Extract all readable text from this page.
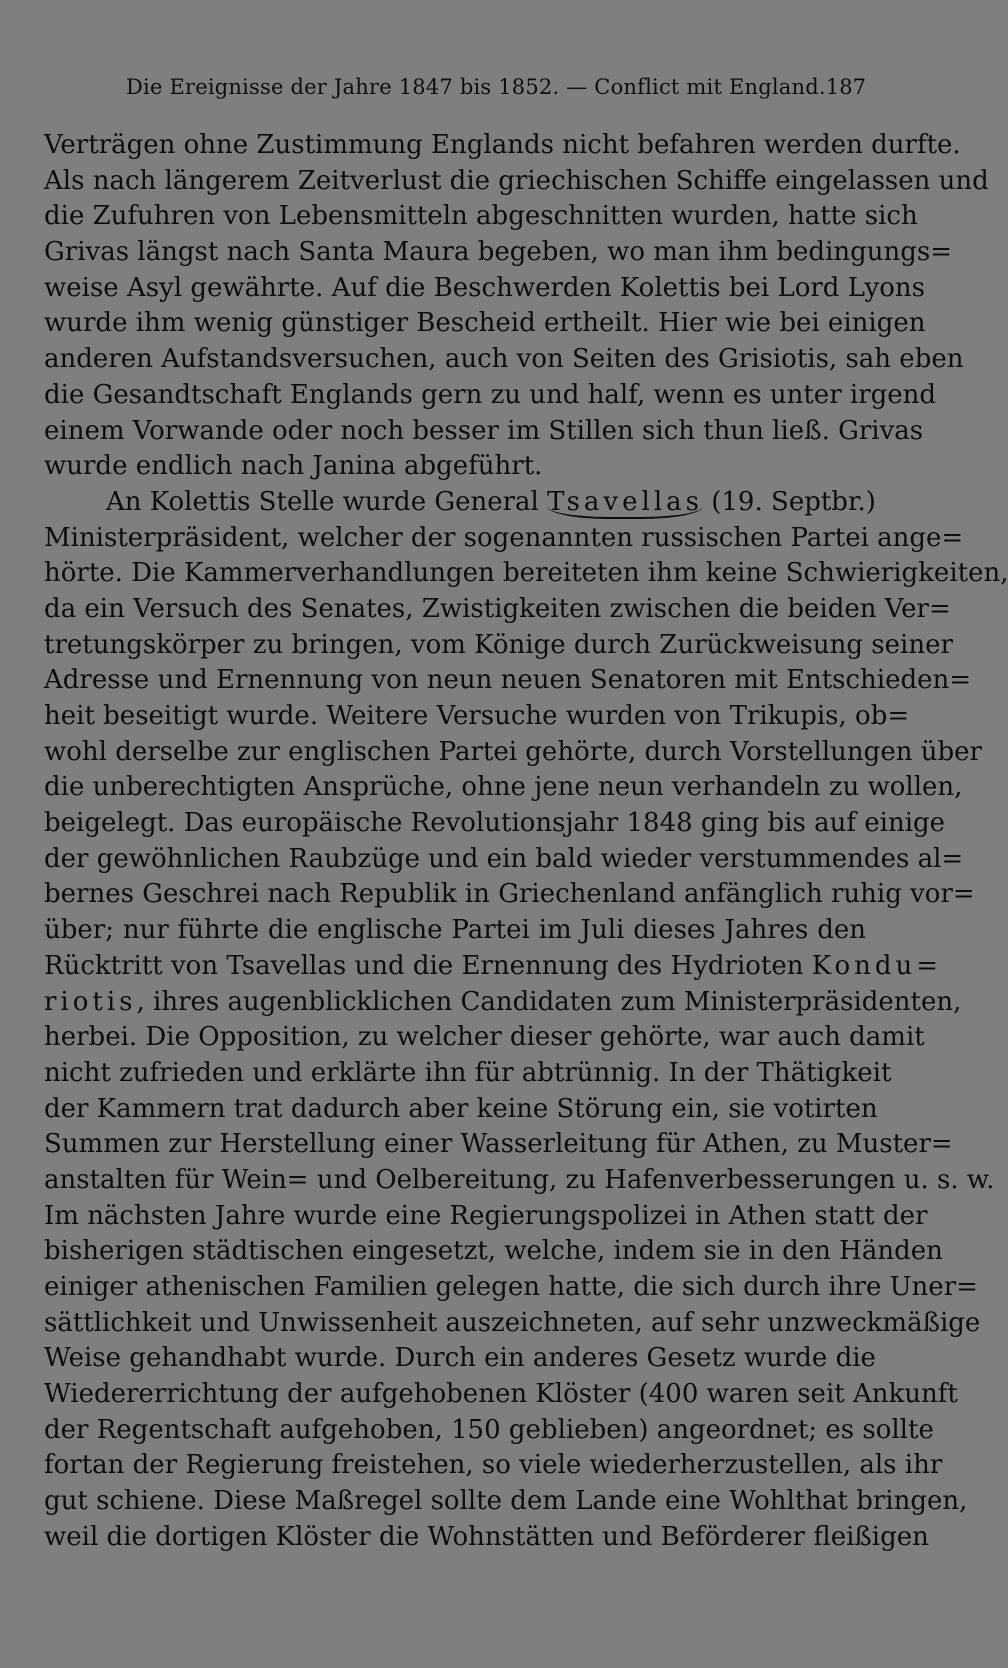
Die Ereignisse der Jahre 1847 bis 1852. — Conflict mit England. 187
Verträgen ohne Zustimmung Englands nicht befahren werden durfte.
Als nach längerem Zeitverlust die griechischen Schiffe eingelassen und
die Zufuhren von Lebensmitteln abgeschnitten wurden, hatte sich
Grivas längst nach Santa Maura begeben, wo man ihm bedingungs=
weise Asyl gewährte. Auf die Beschwerden Kolettis bei Lord Lyons
wurde ihm wenig günstiger Bescheid ertheilt. Hier wie bei einigen
anderen Aufstandsversuchen, auch von Seiten des Grisiotis, sah eben
die Gesandtschaft Englands gern zu und half, wenn es unter irgend
einem Vorwande oder noch besser im Stillen sich thun ließ. Grivas
wurde endlich nach Janina abgeführt.
An Kolettis Stelle wurde General Tsavellas (19. Septbr.)
Ministerpräsident, welcher der sogenannten russischen Partei ange=
hörte. Die Kammerverhandlungen bereiteten ihm keine Schwierigkeiten,
da ein Versuch des Senates, Zwistigkeiten zwischen die beiden Ver=
tretungskörper zu bringen, vom Könige durch Zurückweisung seiner
Adresse und Ernennung von neun neuen Senatoren mit Entschieden=
heit beseitigt wurde. Weitere Versuche wurden von Trikupis, ob=
wohl derselbe zur englischen Partei gehörte, durch Vorstellungen über
die unberechtigten Ansprüche, ohne jene neun verhandeln zu wollen,
beigelegt. Das europäische Revolutionsjahr 1848 ging bis auf einige
der gewöhnlichen Raubzüge und ein bald wieder verstummendes al=
bernes Geschrei nach Republik in Griechenland anfänglich ruhig vor=
über; nur führte die englische Partei im Juli dieses Jahres den
Rücktritt von Tsavellas und die Ernennung des Hydrioten Kondu=
riotis, ihres augenblicklichen Candidaten zum Ministerpräsidenten,
herbei. Die Opposition, zu welcher dieser gehörte, war auch damit
nicht zufrieden und erklärte ihn für abtrünnig. In der Thätigkeit
der Kammern trat dadurch aber keine Störung ein, sie votirten
Summen zur Herstellung einer Wasserleitung für Athen, zu Muster=
anstalten für Wein= und Oelbereitung, zu Hafenverbesserungen u. s. w.
Im nächsten Jahre wurde eine Regierungspolizei in Athen statt der
bisherigen städtischen eingesetzt, welche, indem sie in den Händen
einiger athenischen Familien gelegen hatte, die sich durch ihre Uner=
sättlichkeit und Unwissenheit auszeichneten, auf sehr unzweckmäßige
Weise gehandhabt wurde. Durch ein anderes Gesetz wurde die
Wiedererrichtung der aufgehobenen Klöster (400 waren seit Ankunft
der Regentschaft aufgehoben, 150 geblieben) angeordnet; es sollte
fortan der Regierung freistehen, so viele wiederherzustellen, als ihr
gut schiene. Diese Maßregel sollte dem Lande eine Wohlthat bringen,
weil die dortigen Klöster die Wohnstätten und Beförderer fleißigen
